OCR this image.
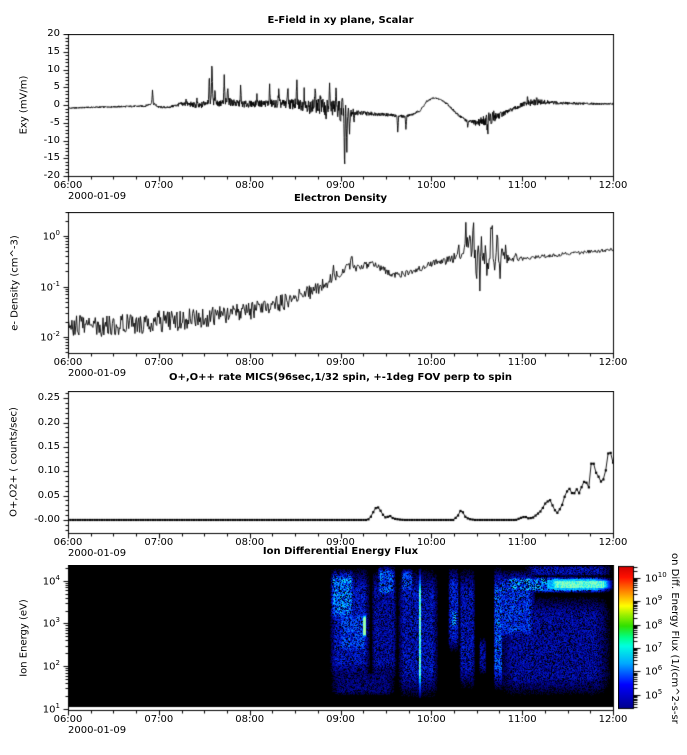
E-Field in xy plane, Scalar
Exy (mV/m)
Electron Density
e- Density (cm^-3)
O+,O++ rate MICS(96sec,1/32 spin, +-1deg FOV perp to spin
O+,O2+ ( counts/sec)
Ion Differential Energy Flux
Ion Energy (eV)	on Diff. Energy Flux (1/(cm^2-s-sr
06:00	07:00	08:00	09:00	10:00	11:00	12:00
2000-01-09
20
15
10
5
0
-5
-10
-15
-20
06:00	07:00	08:00	09:00	10:00	11:00	12:00
2000-01-09
$10^0$
$10^{-1}$
$10^{-2}$
06:00	07:00	08:00	09:00	10:00	11:00	12:00
2000-01-09
0.25
0.20
0.15
0.10
0.05
-0.00
06:00	07:00	08:00	09:00	10:00	11:00	12:00
2000-01-09
$10^4$
$10^3$
$10^2$
$10^1$
$10^{10}$
$10^9$
$10^8$
$10^7$
$10^6$
$10^5$
